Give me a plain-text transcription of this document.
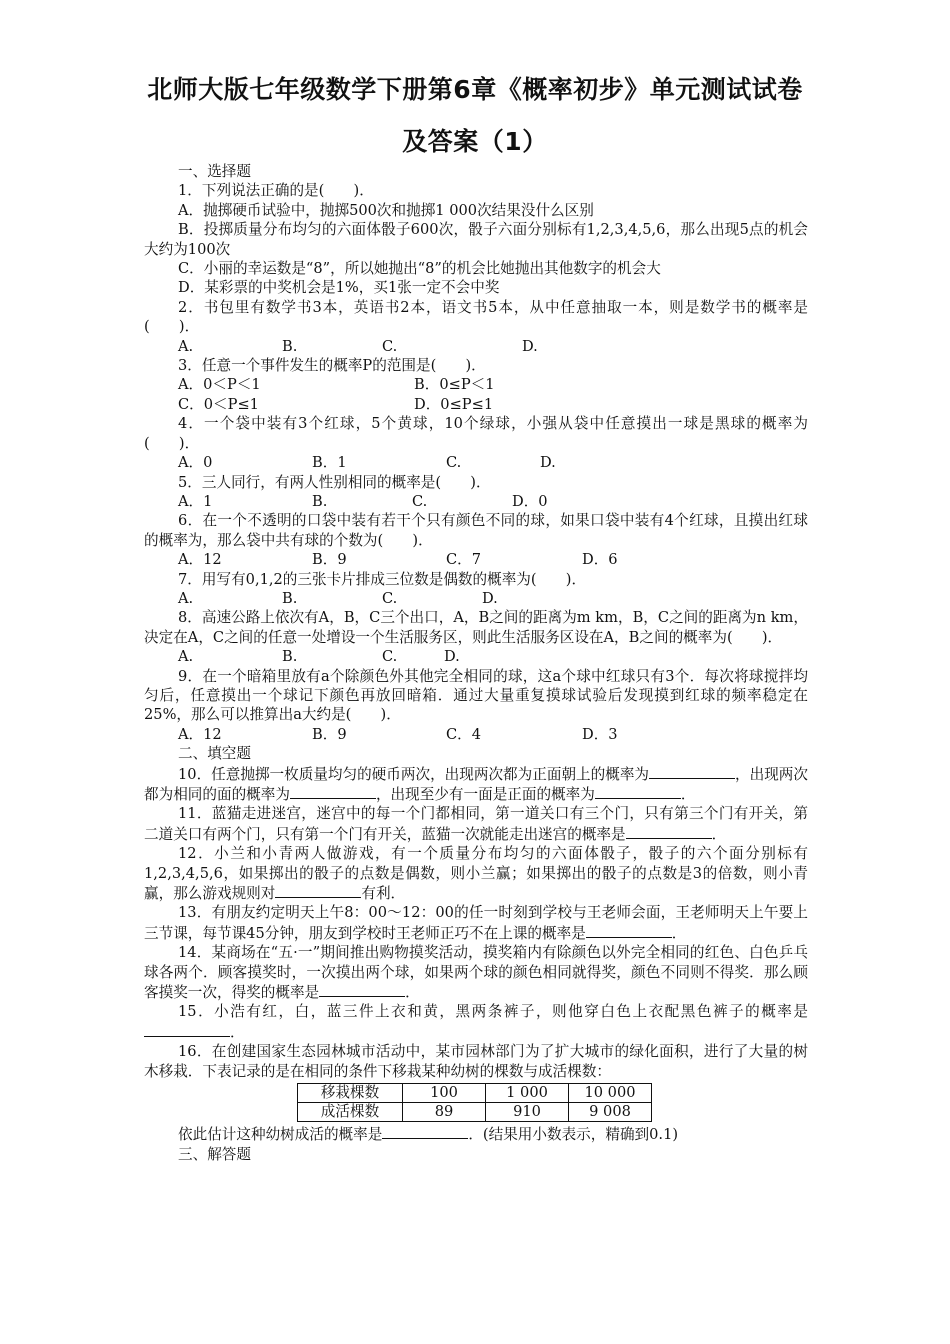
北师大版七年级数学下册第6章《概率初步》单元测试试卷
及答案（1）

一、选择题

1．下列说法正确的是(　　)．

A．抛掷硬币试验中，抛掷500次和抛掷1 000次结果没什么区别

B．投掷质量分布均匀的六面体骰子600次，骰子六面分别标有1,2,3,4,5,6，那么出现5点的机会大约为100次

C．小丽的幸运数是“8”，所以她抛出“8”的机会比她抛出其他数字的机会大

D．某彩票的中奖机会是1%，买1张一定不会中奖

2．书包里有数学书3本，英语书2本，语文书5本，从中任意抽取一本，则是数学书的概率是(　　)．

A.	B.	C.	D.

3．任意一个事件发生的概率P的范围是(　　)．

A．0＜P＜1	B．0≤P＜1
C．0＜P≤1	D．0≤P≤1

4．一个袋中装有3个红球，5个黄球，10个绿球，小强从袋中任意摸出一球是黑球的概率为(　　)．

A．0	B．1	C.	D.

5．三人同行，有两人性别相同的概率是(　　)．

A．1	B.	C.	D．0

6．在一个不透明的口袋中装有若干个只有颜色不同的球，如果口袋中装有4个红球，且摸出红球的概率为，那么袋中共有球的个数为(　　)．

A．12	B．9	C．7	D．6

7．用写有0,1,2的三张卡片排成三位数是偶数的概率为(　　)．

A.	B.	C.	D.

8．高速公路上依次有A，B，C三个出口，A，B之间的距离为m km，B，C之间的距离为n km，决定在A，C之间的任意一处增设一个生活服务区，则此生活服务区设在A，B之间的概率为(　　)．

A.	B.	C.	D.

9．在一个暗箱里放有a个除颜色外其他完全相同的球，这a个球中红球只有3个．每次将球搅拌均匀后，任意摸出一个球记下颜色再放回暗箱．通过大量重复摸球试验后发现摸到红球的频率稳定在25%，那么可以推算出a大约是(　　)．

A．12	B．9	C．4	D．3

二、填空题

10．任意抛掷一枚质量均匀的硬币两次，出现两次都为正面朝上的概率为	，出现两次都为相同的面的概率为	，出现至少有一面是正面的概率为	．

11．蓝猫走进迷宫，迷宫中的每一个门都相同，第一道关口有三个门，只有第三个门有开关，第二道关口有两个门，只有第一个门有开关，蓝猫一次就能走出迷宫的概率是	．

12．小兰和小青两人做游戏，有一个质量分布均匀的六面体骰子，骰子的六个面分别标有1,2,3,4,5,6，如果掷出的骰子的点数是偶数，则小兰赢；如果掷出的骰子的点数是3的倍数，则小青赢，那么游戏规则对	有利．

13．有朋友约定明天上午8：00～12：00的任一时刻到学校与王老师会面，王老师明天上午要上三节课，每节课45分钟，朋友到学校时王老师正巧不在上课的概率是	．

14．某商场在“五·一”期间推出购物摸奖活动，摸奖箱内有除颜色以外完全相同的红色、白色乒乓球各两个．顾客摸奖时，一次摸出两个球，如果两个球的颜色相同就得奖，颜色不同则不得奖．那么顾客摸奖一次，得奖的概率是	．

15．小浩有红，白，蓝三件上衣和黄，黑两条裤子，则他穿白色上衣配黑色裤子的概率是．

16．在创建国家生态园林城市活动中，某市园林部门为了扩大城市的绿化面积，进行了大量的树木移栽．下表记录的是在相同的条件下移栽某种幼树的棵数与成活棵数：

移栽棵数	100	1 000	10 000
成活棵数	89	910	9 008

依此估计这种幼树成活的概率是	．(结果用小数表示，精确到0.1)

三、解答题
